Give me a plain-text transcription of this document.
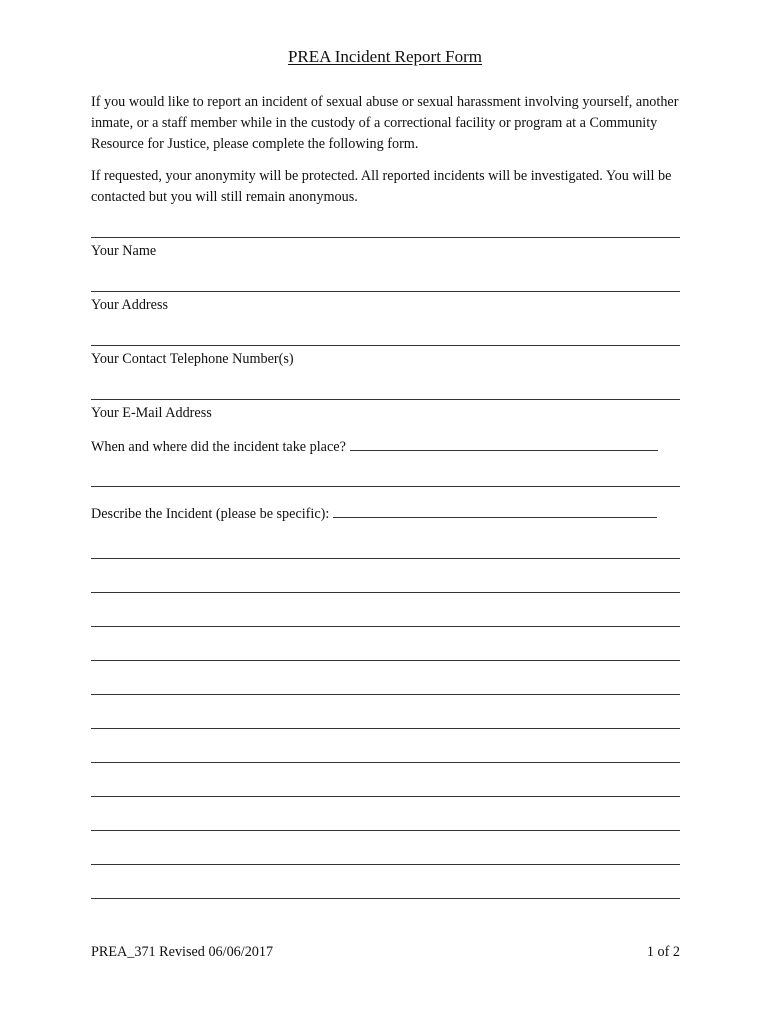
PREA Incident Report Form
If you would like to report an incident of sexual abuse or sexual harassment involving yourself, another inmate, or a staff member while in the custody of a correctional facility or program at a Community Resource for Justice, please complete the following form.
If requested, your anonymity will be protected. All reported incidents will be investigated. You will be contacted but you will still remain anonymous.
Your Name
Your Address
Your Contact Telephone Number(s)
Your E-Mail Address
When and where did the incident take place?
Describe the Incident (please be specific):
PREA_371 Revised 06/06/2017	1 of 2
